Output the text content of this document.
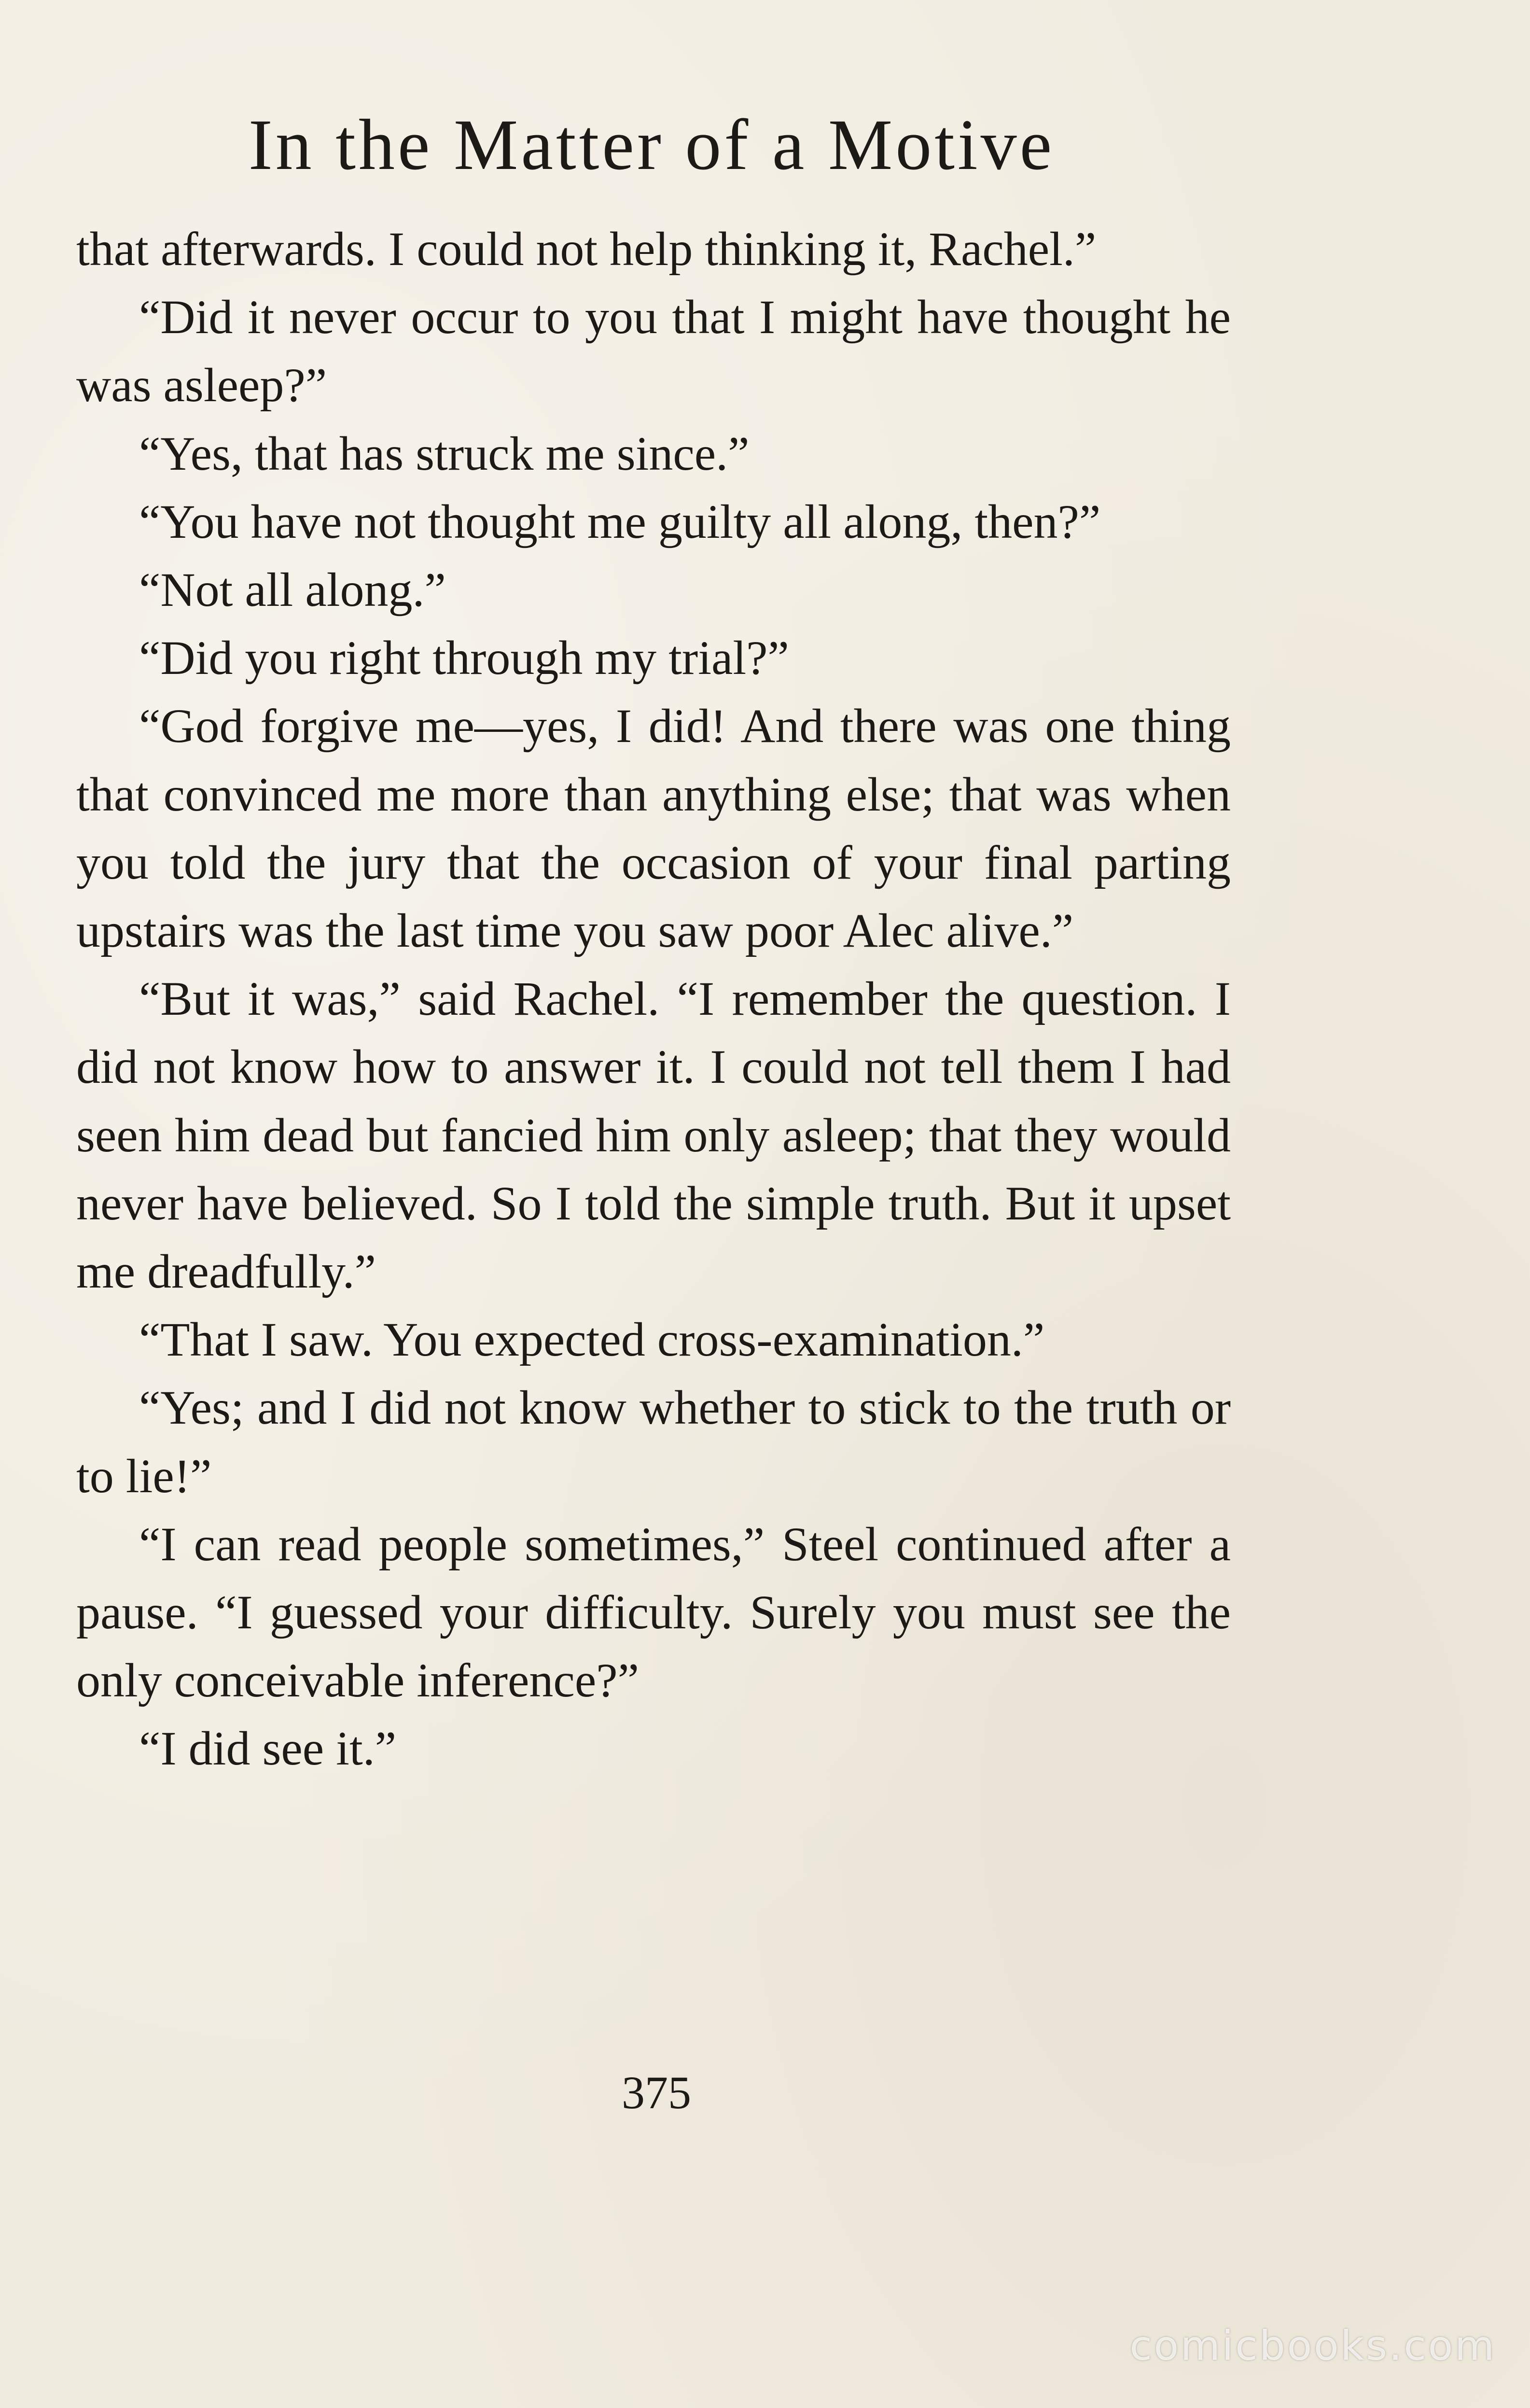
In the Matter of a Motive

that afterwards. I could not help thinking it, Rachel.”

“Did it never occur to you that I might have thought he was asleep?”

“Yes, that has struck me since.”

“You have not thought me guilty all along, then?”

“Not all along.”

“Did you right through my trial?”

“God forgive me—yes, I did! And there was one thing that convinced me more than anything else; that was when you told the jury that the occasion of your final parting upstairs was the last time you saw poor Alec alive.”

“But it was,” said Rachel. “I remember the question. I did not know how to answer it. I could not tell them I had seen him dead but fancied him only asleep; that they would never have believed. So I told the simple truth. But it upset me dreadfully.”

“That I saw. You expected cross-examination.”

“Yes; and I did not know whether to stick to the truth or to lie!”

“I can read people sometimes,” Steel continued after a pause. “I guessed your difficulty. Surely you must see the only conceivable inference?”

“I did see it.”

375
comicbooks.com
